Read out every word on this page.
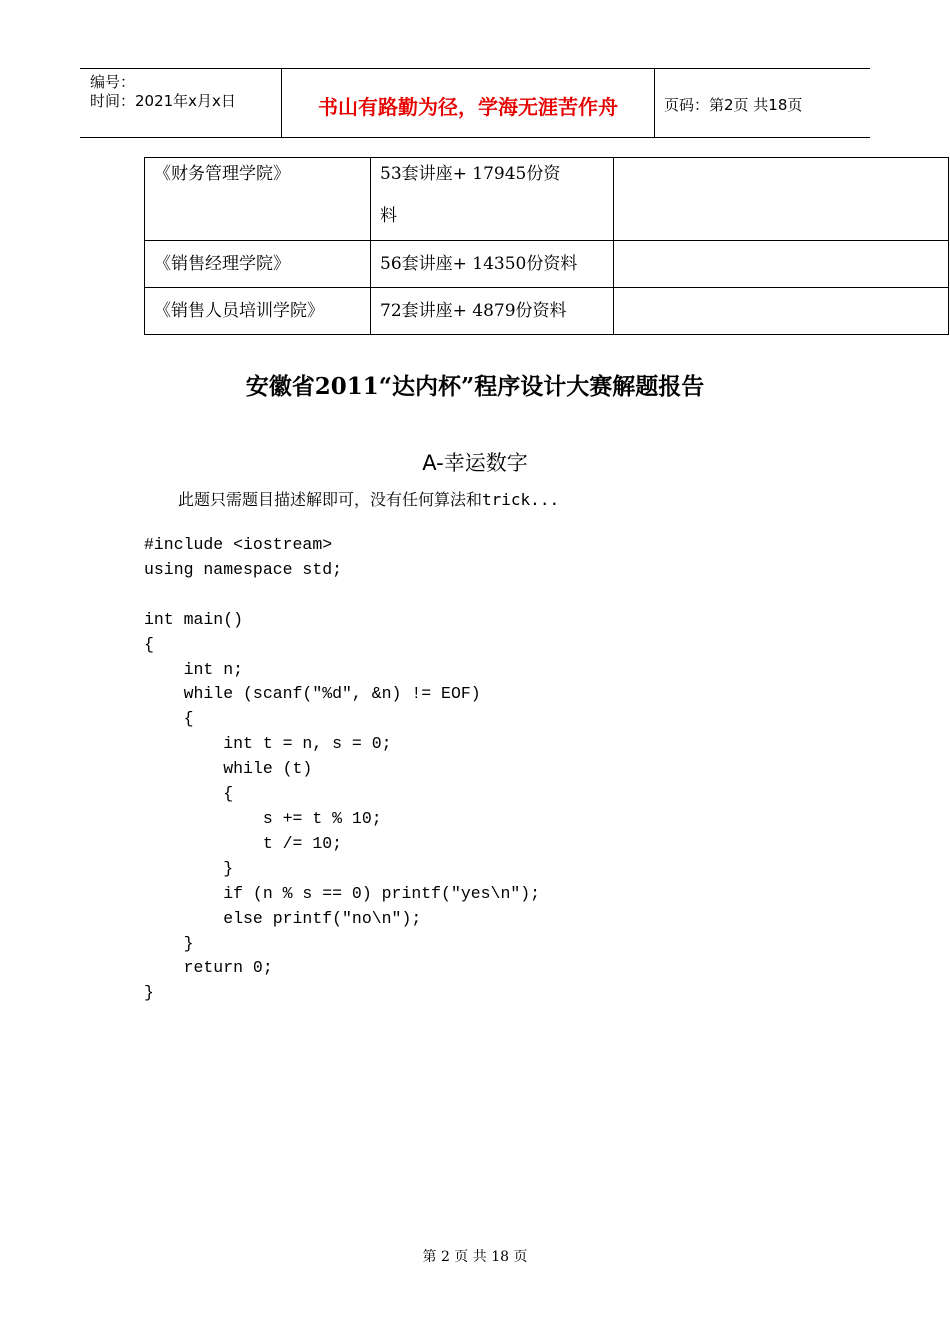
编号：
时间：2021年x月x日	书山有路勤为径，学海无涯苦作舟	页码：第2页 共18页
《财务管理学院》	53套讲座+ 17945份资
料	

《销售经理学院》	56套讲座+ 14350份资料	
《销售人员培训学院》	72套讲座+ 4879份资料	
安徽省2011“达内杯”程序设计大赛解题报告
A-幸运数字
此题只需题目描述解即可，没有任何算法和trick...
#include <iostream>
using namespace std;

int main()
{
int n;
while (scanf("%d", &n) != EOF)
{
int t = n, s = 0;
while (t)
{
s += t % 10;
t /= 10;
}
if (n % s == 0) printf("yes\n");
else printf("no\n");
}
return 0;
}
第 2 页 共 18 页
